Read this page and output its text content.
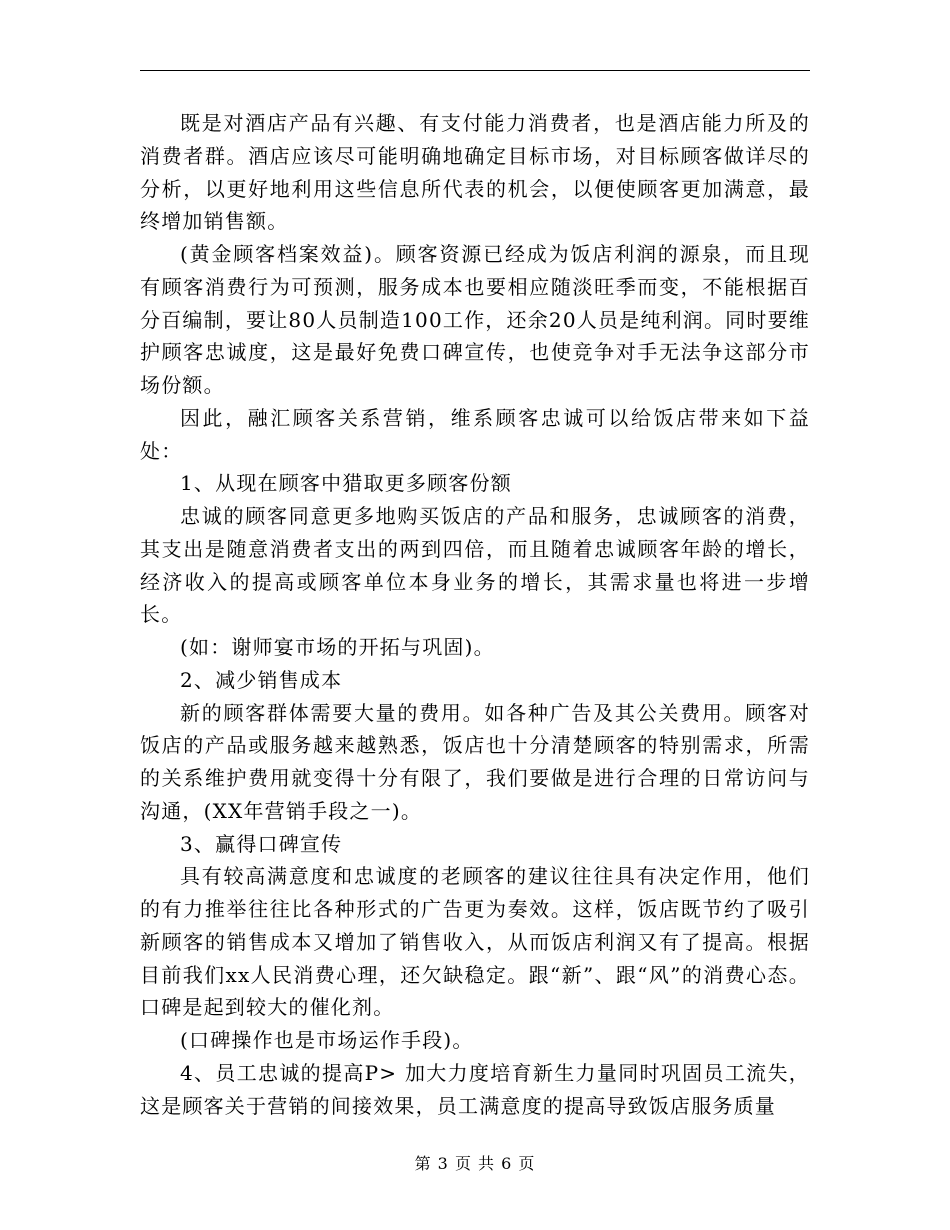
既是对酒店产品有兴趣、有支付能力消费者，也是酒店能力所及的消费者群。酒店应该尽可能明确地确定目标市场，对目标顾客做详尽的分析，以更好地利用这些信息所代表的机会，以便使顾客更加满意，最终增加销售额。

(黄金顾客档案效益)。顾客资源已经成为饭店利润的源泉，而且现有顾客消费行为可预测，服务成本也要相应随淡旺季而变，不能根据百分百编制，要让80人员制造100工作，还余20人员是纯利润。同时要维护顾客忠诚度，这是最好免费口碑宣传，也使竞争对手无法争这部分市场份额。

因此，融汇顾客关系营销，维系顾客忠诚可以给饭店带来如下益处：

1、从现在顾客中猎取更多顾客份额

忠诚的顾客同意更多地购买饭店的产品和服务，忠诚顾客的消费，其支出是随意消费者支出的两到四倍，而且随着忠诚顾客年龄的增长，经济收入的提高或顾客单位本身业务的增长，其需求量也将进一步增长。

(如：谢师宴市场的开拓与巩固)。

2、减少销售成本

新的顾客群体需要大量的费用。如各种广告及其公关费用。顾客对饭店的产品或服务越来越熟悉，饭店也十分清楚顾客的特别需求，所需的关系维护费用就变得十分有限了，我们要做是进行合理的日常访问与沟通，(XX年营销手段之一)。

3、赢得口碑宣传

具有较高满意度和忠诚度的老顾客的建议往往具有决定作用，他们的有力推举往往比各种形式的广告更为奏效。这样，饭店既节约了吸引新顾客的销售成本又增加了销售收入，从而饭店利润又有了提高。根据目前我们xx人民消费心理，还欠缺稳定。跟“新”、跟“风”的消费心态。口碑是起到较大的催化剂。

(口碑操作也是市场运作手段)。

4、员工忠诚的提高P> 加大力度培育新生力量同时巩固员工流失，这是顾客关于营销的间接效果，员工满意度的提高导致饭店服务质量

第 3 页 共 6 页
